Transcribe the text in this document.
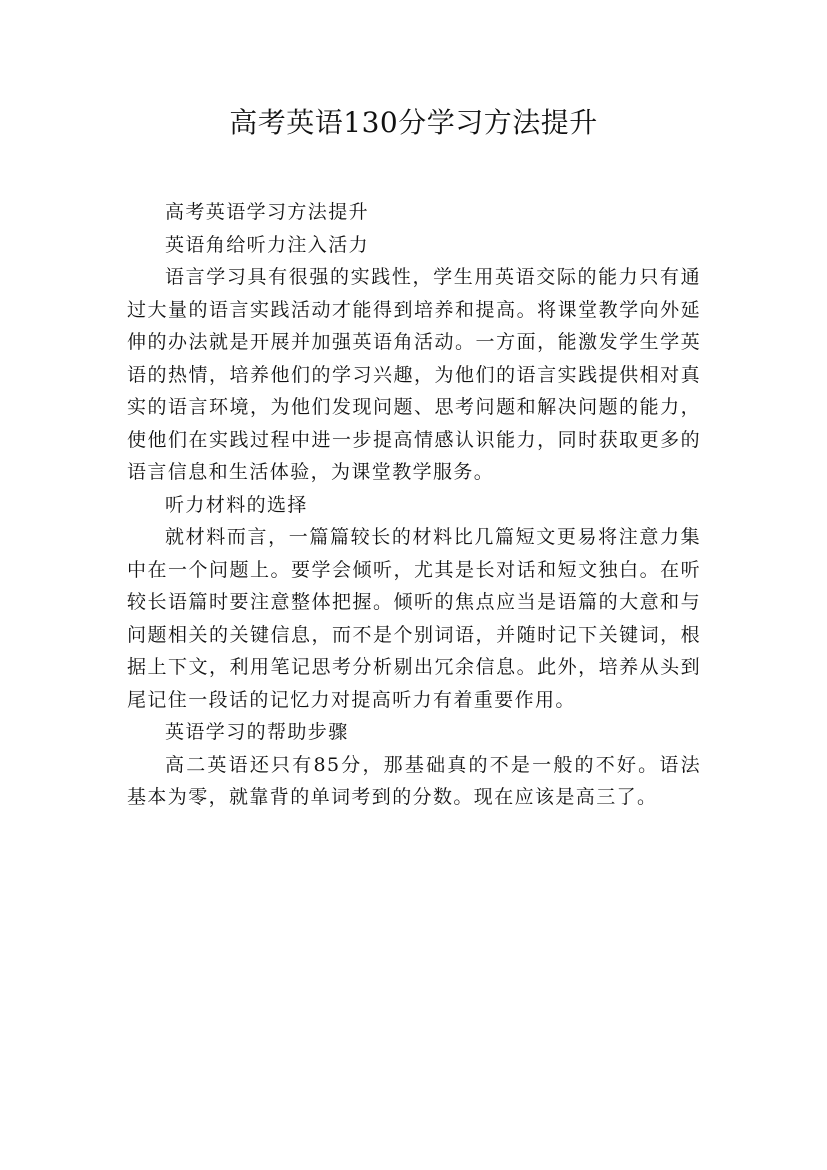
高考英语130分学习方法提升

高考英语学习方法提升

英语角给听力注入活力

语言学习具有很强的实践性，学生用英语交际的能力只有通过大量的语言实践活动才能得到培养和提高。将课堂教学向外延伸的办法就是开展并加强英语角活动。一方面，能激发学生学英语的热情，培养他们的学习兴趣，为他们的语言实践提供相对真实的语言环境，为他们发现问题、思考问题和解决问题的能力，使他们在实践过程中进一步提高情感认识能力，同时获取更多的语言信息和生活体验，为课堂教学服务。

听力材料的选择

就材料而言，一篇篇较长的材料比几篇短文更易将注意力集中在一个问题上。要学会倾听，尤其是长对话和短文独白。在听较长语篇时要注意整体把握。倾听的焦点应当是语篇的大意和与问题相关的关键信息，而不是个别词语，并随时记下关键词，根据上下文，利用笔记思考分析剔出冗余信息。此外，培养从头到尾记住一段话的记忆力对提高听力有着重要作用。

英语学习的帮助步骤

高二英语还只有85分，那基础真的不是一般的不好。语法基本为零，就靠背的单词考到的分数。现在应该是高三了。
